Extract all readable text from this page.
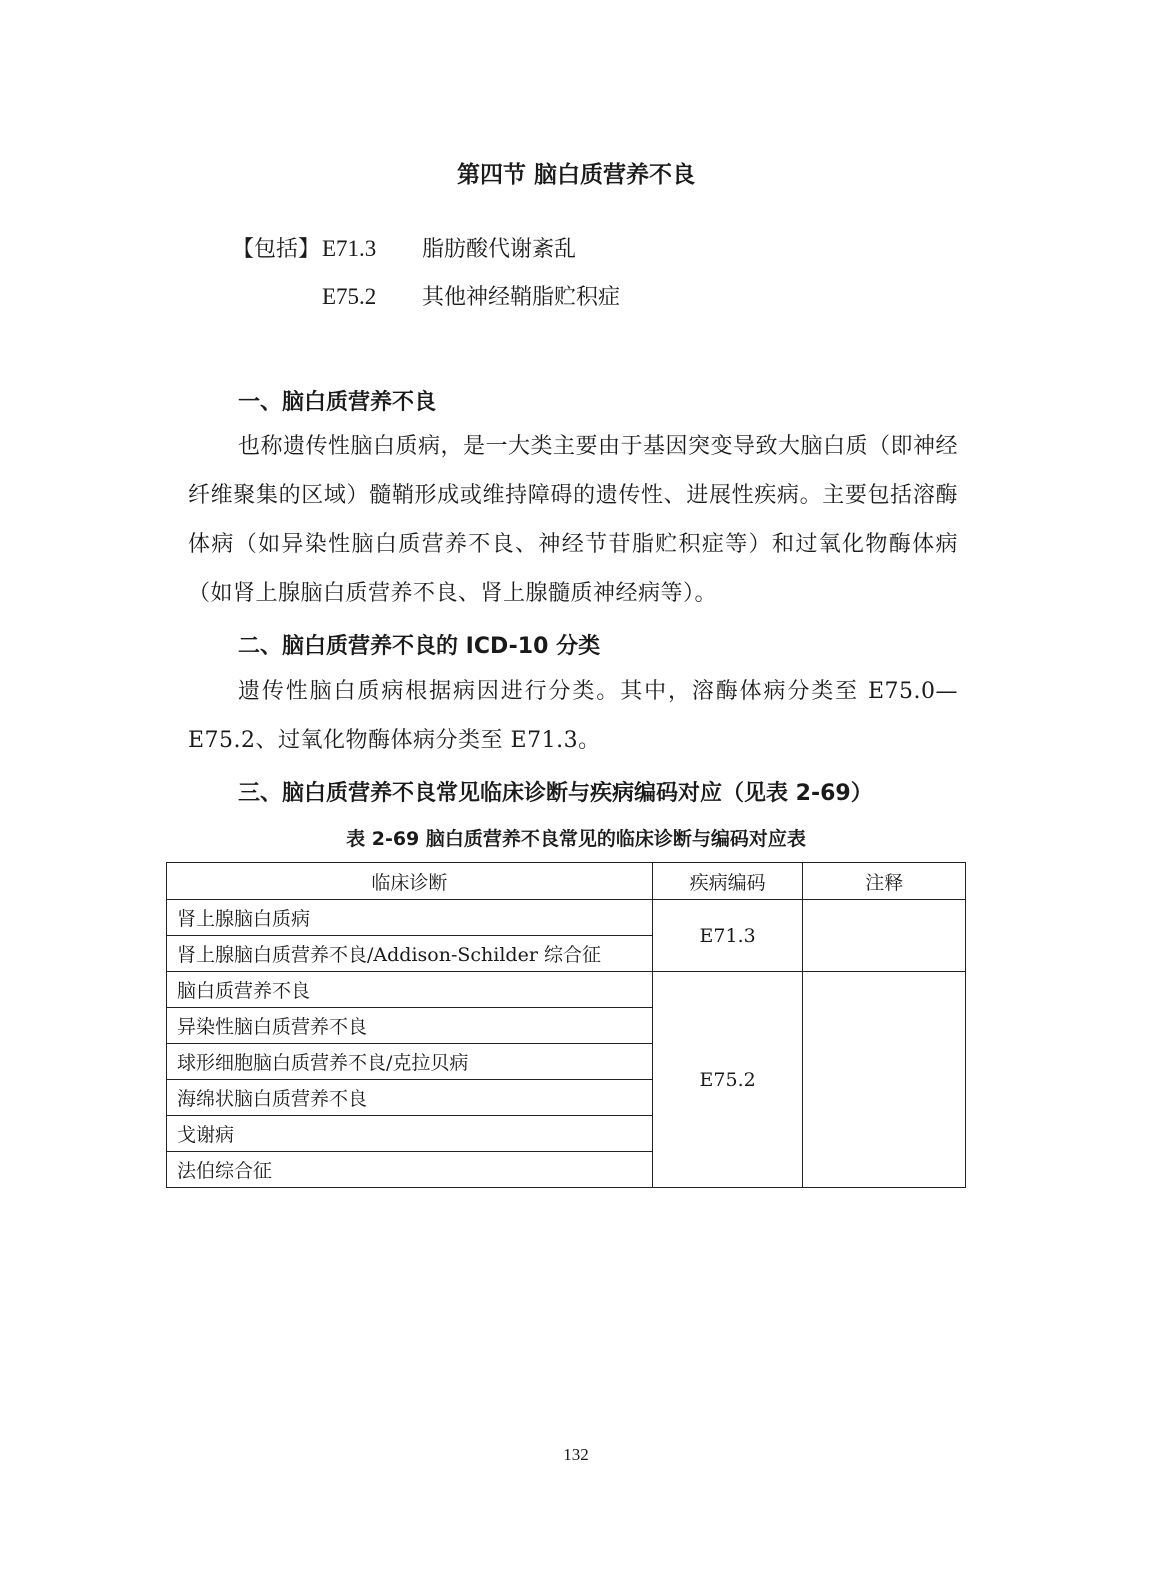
第四节 脑白质营养不良
【包括】E71.3 脂肪酸代谢紊乱
E75.2 其他神经鞘脂贮积症
一、脑白质营养不良
也称遗传性脑白质病，是一大类主要由于基因突变导致大脑白质（即神经纤维聚集的区域）髓鞘形成或维持障碍的遗传性、进展性疾病。主要包括溶酶体病（如异染性脑白质营养不良、神经节苷脂贮积症等）和过氧化物酶体病（如肾上腺脑白质营养不良、肾上腺髓质神经病等）。
二、脑白质营养不良的 ICD-10 分类
遗传性脑白质病根据病因进行分类。其中，溶酶体病分类至 E75.0—E75.2、过氧化物酶体病分类至 E71.3。
三、脑白质营养不良常见临床诊断与疾病编码对应（见表 2-69）
表 2-69 脑白质营养不良常见的临床诊断与编码对应表
临床诊断	疾病编码	注释
肾上腺脑白质病	E71.3	
肾上腺脑白质营养不良/Addison-Schilder 综合征		
脑白质营养不良	E75.2	
异染性脑白质营养不良		
球形细胞脑白质营养不良/克拉贝病		
海绵状脑白质营养不良		
戈谢病		
法伯综合征		
132
